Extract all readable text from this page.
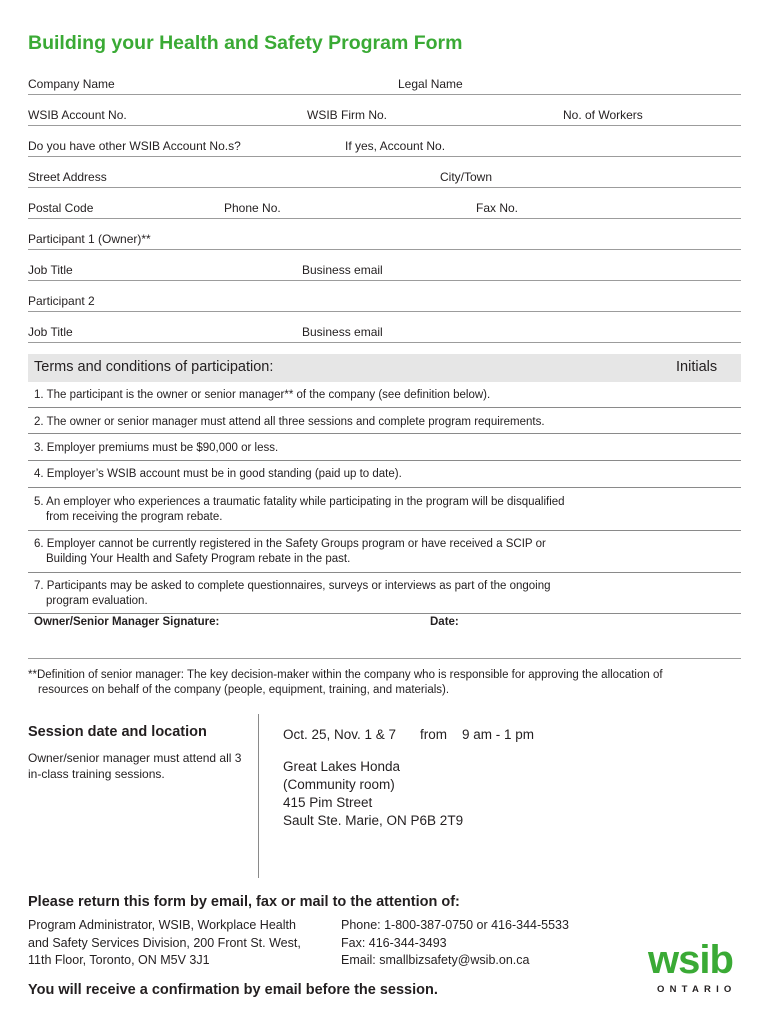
Building your Health and Safety Program Form
Company Name	Legal Name
WSIB Account No.	WSIB Firm No.	No. of Workers
Do you have other WSIB Account No.s?	If yes, Account No.
Street Address	City/Town
Postal Code	Phone No.	Fax No.
Participant 1 (Owner)**
Job Title	Business email
Participant 2
Job Title	Business email
Terms and conditions of participation:	Initials
1. The participant is the owner or senior manager** of the company (see definition below).
2. The owner or senior manager must attend all three sessions and complete program requirements.
3. Employer premiums must be $90,000 or less.
4. Employer’s WSIB account must be in good standing (paid up to date).
5. An employer who experiences a traumatic fatality while participating in the program will be disqualified
from receiving the program rebate.
6. Employer cannot be currently registered in the Safety Groups program or have received a SCIP or
Building Your Health and Safety Program rebate in the past.
7. Participants may be asked to complete questionnaires, surveys or interviews as part of the ongoing
program evaluation.
Owner/Senior Manager Signature:	Date:
**Definition of senior manager: The key decision-maker within the company who is responsible for approving the allocation of
resources on behalf of the company (people, equipment, training, and materials).
Session date and location
Owner/senior manager must attend all 3 in-class training sessions.
Oct. 25, Nov. 1 & 7 from 9 am - 1 pm
Great Lakes Honda
(Community room)
415 Pim Street
Sault Ste. Marie, ON P6B 2T9
Please return this form by email, fax or mail to the attention of:
Program Administrator, WSIB, Workplace Health
and Safety Services Division, 200 Front St. West,
11th Floor, Toronto, ON M5V 3J1
Phone: 1-800-387-0750 or 416-344-5533
Fax: 416-344-3493
Email: smallbizsafety@wsib.on.ca
You will receive a confirmation by email before the session.
wsib
ONTARIO
